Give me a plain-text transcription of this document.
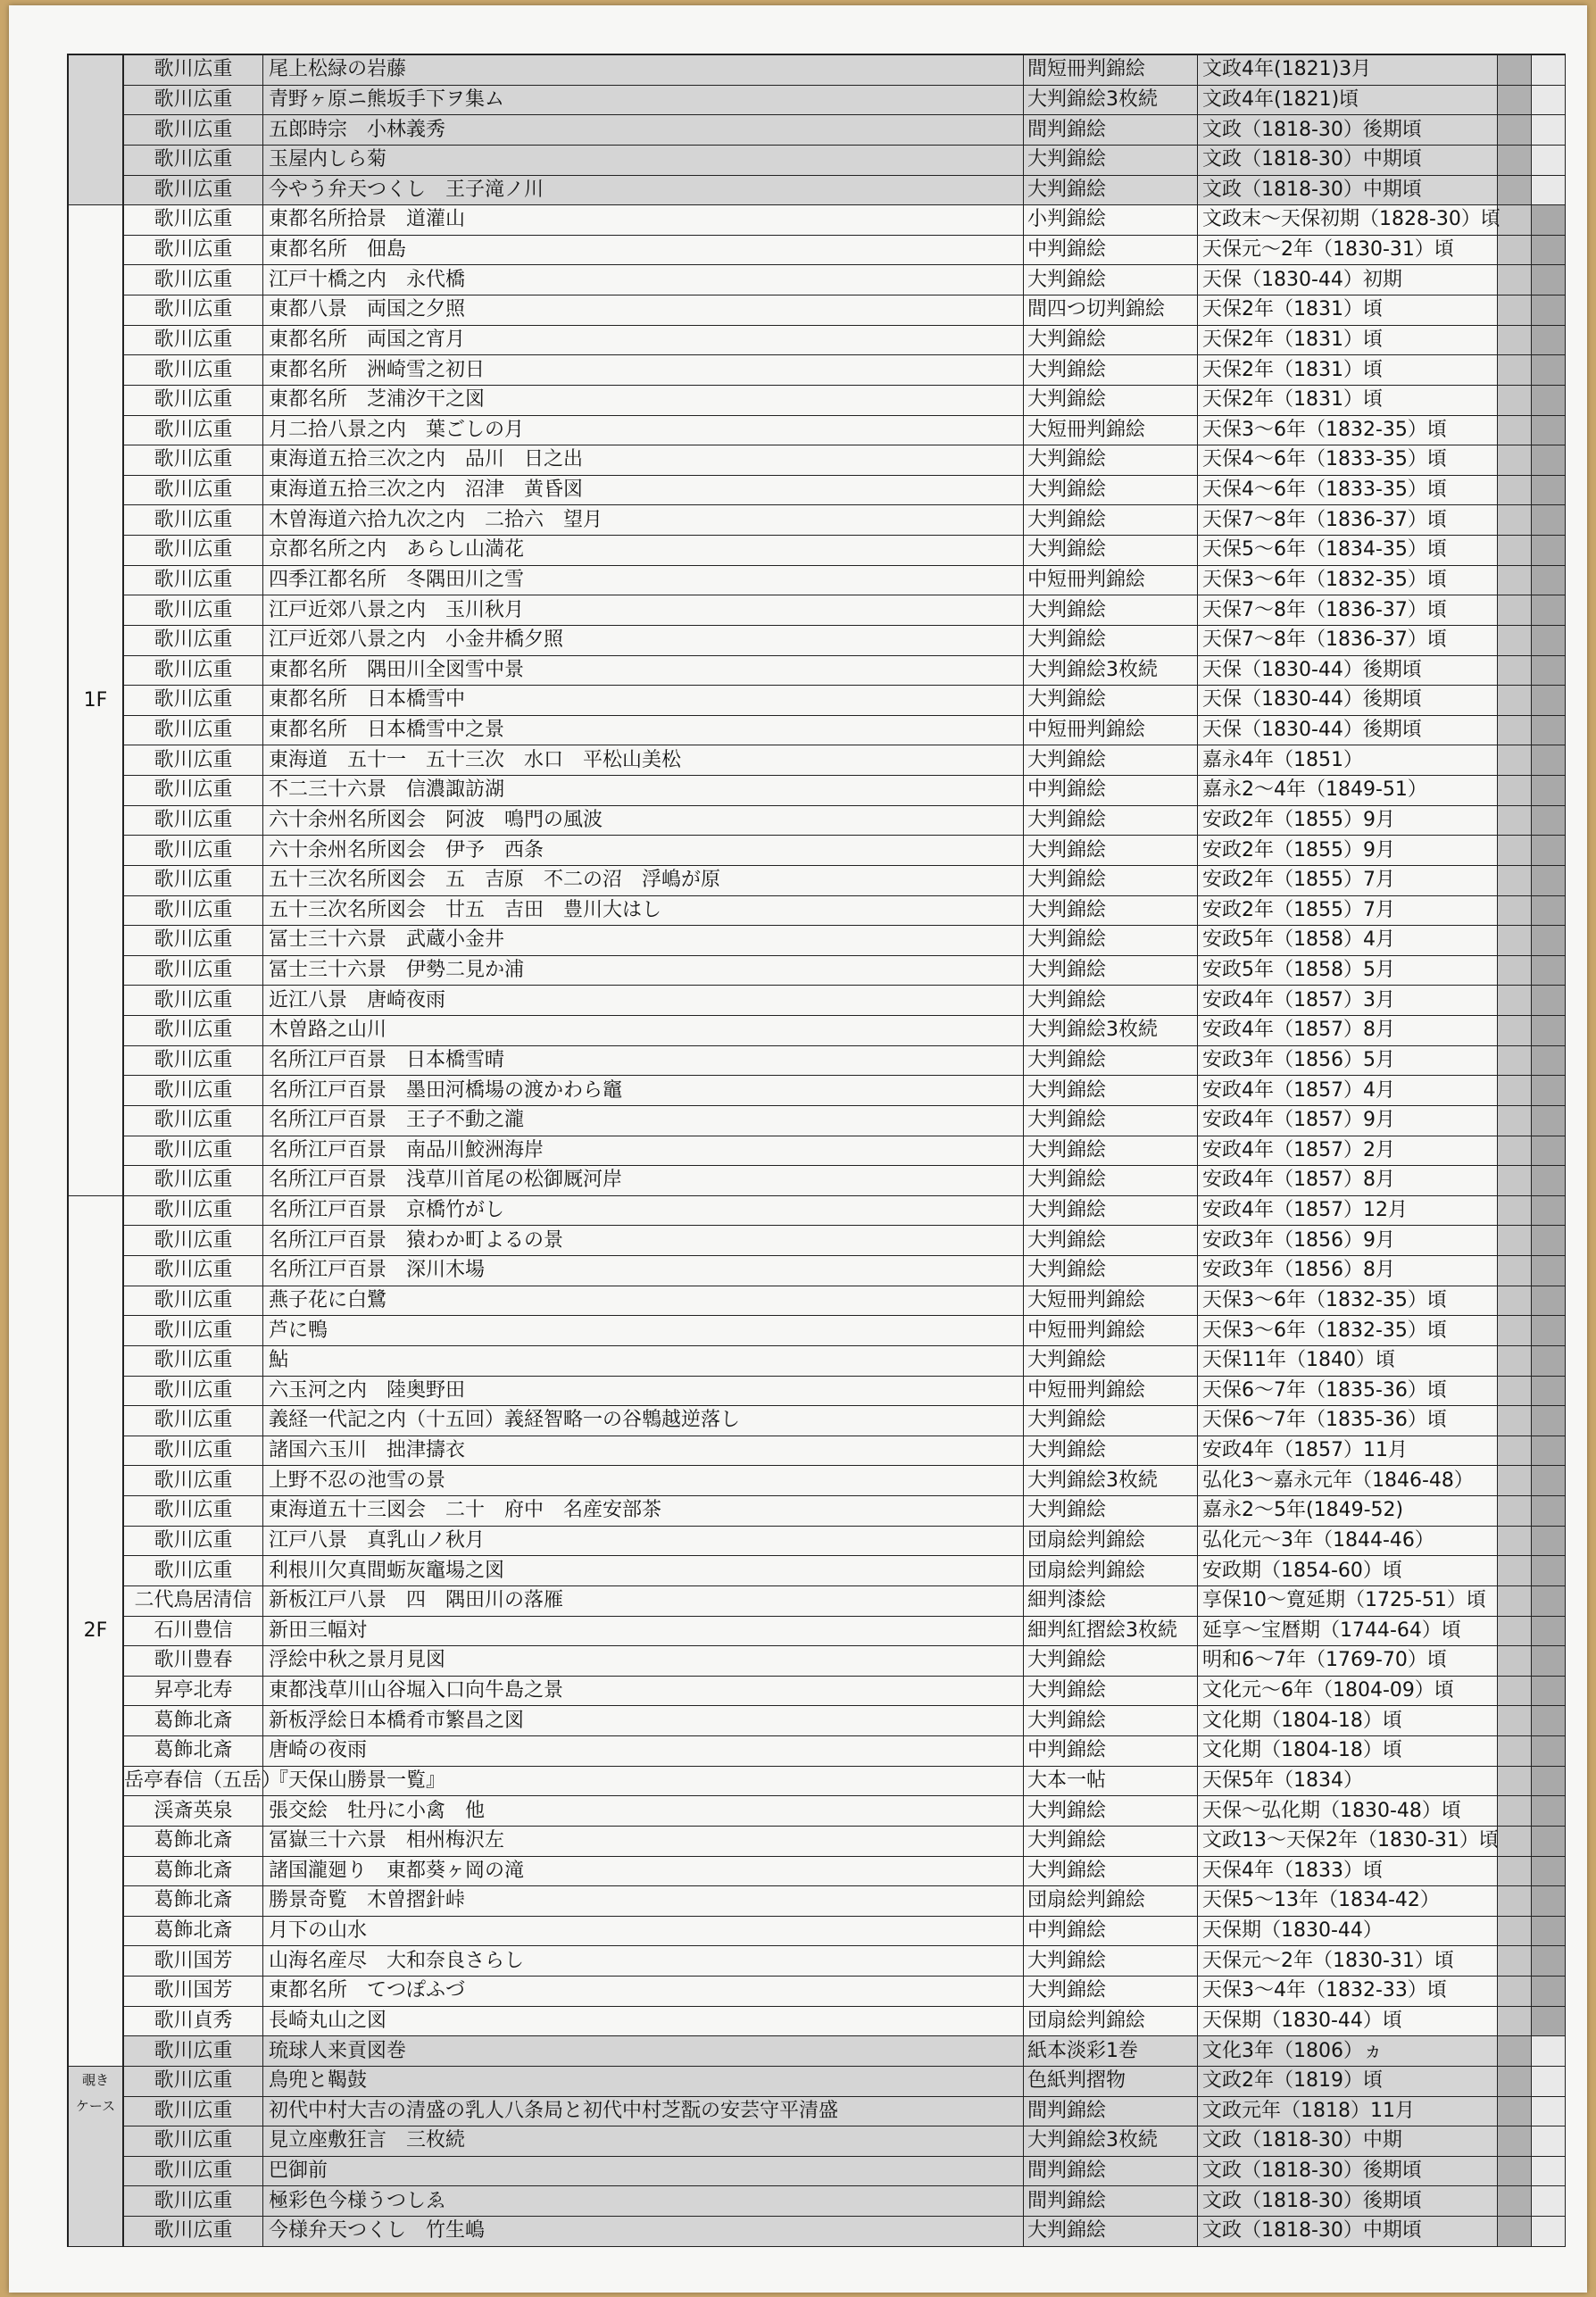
	歌川広重	尾上松緑の岩藤	間短冊判錦絵	文政4年(1821)3月		
	歌川広重	青野ヶ原ニ熊坂手下ヲ集ム	大判錦絵3枚続	文政4年(1821)頃		
	歌川広重	五郎時宗　小林義秀	間判錦絵	文政（1818-30）後期頃		
	歌川広重	玉屋内しら菊	大判錦絵	文政（1818-30）中期頃		
	歌川広重	今やう弁天つくし　王子滝ノ川	大判錦絵	文政（1818-30）中期頃		

1F	歌川広重	東都名所拾景　道灌山	小判錦絵	文政末～天保初期（1828-30）頃		
	歌川広重	東都名所　佃島	中判錦絵	天保元～2年（1830-31）頃		
	歌川広重	江戸十橋之内　永代橋	大判錦絵	天保（1830-44）初期		
	歌川広重	東都八景　両国之夕照	間四つ切判錦絵	天保2年（1831）頃		
	歌川広重	東都名所　両国之宵月	大判錦絵	天保2年（1831）頃		
	歌川広重	東都名所　洲崎雪之初日	大判錦絵	天保2年（1831）頃		
	歌川広重	東都名所　芝浦汐干之図	大判錦絵	天保2年（1831）頃		
	歌川広重	月二拾八景之内　葉ごしの月	大短冊判錦絵	天保3～6年（1832-35）頃		
	歌川広重	東海道五拾三次之内　品川　日之出	大判錦絵	天保4～6年（1833-35）頃		
	歌川広重	東海道五拾三次之内　沼津　黄昏図	大判錦絵	天保4～6年（1833-35）頃		
	歌川広重	木曽海道六拾九次之内　二拾六　望月	大判錦絵	天保7～8年（1836-37）頃		
	歌川広重	京都名所之内　あらし山満花	大判錦絵	天保5～6年（1834-35）頃		
	歌川広重	四季江都名所　冬隅田川之雪	中短冊判錦絵	天保3～6年（1832-35）頃		
	歌川広重	江戸近郊八景之内　玉川秋月	大判錦絵	天保7～8年（1836-37）頃		
	歌川広重	江戸近郊八景之内　小金井橋夕照	大判錦絵	天保7～8年（1836-37）頃		
	歌川広重	東都名所　隅田川全図雪中景	大判錦絵3枚続	天保（1830-44）後期頃		
	歌川広重	東都名所　日本橋雪中	大判錦絵	天保（1830-44）後期頃		
	歌川広重	東都名所　日本橋雪中之景	中短冊判錦絵	天保（1830-44）後期頃		
	歌川広重	東海道　五十一　五十三次　水口　平松山美松	大判錦絵	嘉永4年（1851）		
	歌川広重	不二三十六景　信濃諏訪湖	中判錦絵	嘉永2～4年（1849-51）		
	歌川広重	六十余州名所図会　阿波　鳴門の風波	大判錦絵	安政2年（1855）9月		
	歌川広重	六十余州名所図会　伊予　西条	大判錦絵	安政2年（1855）9月		
	歌川広重	五十三次名所図会　五　吉原　不二の沼　浮嶋が原	大判錦絵	安政2年（1855）7月		
	歌川広重	五十三次名所図会　廿五　吉田　豊川大はし	大判錦絵	安政2年（1855）7月		
	歌川広重	冨士三十六景　武蔵小金井	大判錦絵	安政5年（1858）4月		
	歌川広重	冨士三十六景　伊勢二見か浦	大判錦絵	安政5年（1858）5月		
	歌川広重	近江八景　唐崎夜雨	大判錦絵	安政4年（1857）3月		
	歌川広重	木曽路之山川	大判錦絵3枚続	安政4年（1857）8月		
	歌川広重	名所江戸百景　日本橋雪晴	大判錦絵	安政3年（1856）5月		
	歌川広重	名所江戸百景　墨田河橋場の渡かわら竈	大判錦絵	安政4年（1857）4月		
	歌川広重	名所江戸百景　王子不動之瀧	大判錦絵	安政4年（1857）9月		
	歌川広重	名所江戸百景　南品川鮫洲海岸	大判錦絵	安政4年（1857）2月		
	歌川広重	名所江戸百景　浅草川首尾の松御厩河岸	大判錦絵	安政4年（1857）8月		

2F	歌川広重	名所江戸百景　京橋竹がし	大判錦絵	安政4年（1857）12月		
	歌川広重	名所江戸百景　猿わか町よるの景	大判錦絵	安政3年（1856）9月		
	歌川広重	名所江戸百景　深川木場	大判錦絵	安政3年（1856）8月		
	歌川広重	燕子花に白鷺	大短冊判錦絵	天保3～6年（1832-35）頃		
	歌川広重	芦に鴨	中短冊判錦絵	天保3～6年（1832-35）頃		
	歌川広重	鮎	大判錦絵	天保11年（1840）頃		
	歌川広重	六玉河之内　陸奥野田	中短冊判錦絵	天保6～7年（1835-36）頃		
	歌川広重	義経一代記之内（十五回）義経智略一の谷鵯越逆落し	大判錦絵	天保6～7年（1835-36）頃		
	歌川広重	諸国六玉川　拙津擣衣	大判錦絵	安政4年（1857）11月		
	歌川広重	上野不忍の池雪の景	大判錦絵3枚続	弘化3～嘉永元年（1846-48）		
	歌川広重	東海道五十三図会　二十　府中　名産安部茶	大判錦絵	嘉永2～5年(1849-52)		
	歌川広重	江戸八景　真乳山ノ秋月	団扇絵判錦絵	弘化元～3年（1844-46）		
	歌川広重	利根川欠真間蛎灰竈場之図	団扇絵判錦絵	安政期（1854-60）頃		
	二代鳥居清信	新板江戸八景　四　隅田川の落雁	細判漆絵	享保10～寛延期（1725-51）頃		
	石川豊信	新田三幅対	細判紅摺絵3枚続	延享～宝暦期（1744-64）頃		
	歌川豊春	浮絵中秋之景月見図	大判錦絵	明和6～7年（1769-70）頃		
	昇亭北寿	東都浅草川山谷堀入口向牛島之景	大判錦絵	文化元～6年（1804-09）頃		
	葛飾北斎	新板浮絵日本橋肴市繁昌之図	大判錦絵	文化期（1804-18）頃		
	葛飾北斎	唐崎の夜雨	中判錦絵	文化期（1804-18）頃		
	岳亭春信（五岳）	『天保山勝景一覧』	大本一帖	天保5年（1834）		
	渓斎英泉	張交絵　牡丹に小禽　他	大判錦絵	天保～弘化期（1830-48）頃		
	葛飾北斎	冨嶽三十六景　相州梅沢左	大判錦絵	文政13～天保2年（1830-31）頃		
	葛飾北斎	諸国瀧廻り　東都葵ヶ岡の滝	大判錦絵	天保4年（1833）頃		
	葛飾北斎	勝景奇覧　木曽摺針峠	団扇絵判錦絵	天保5～13年（1834-42）		
	葛飾北斎	月下の山水	中判錦絵	天保期（1830-44）		
	歌川国芳	山海名産尽　大和奈良さらし	大判錦絵	天保元～2年（1830-31）頃		
	歌川国芳	東都名所　てつぽふづ	大判錦絵	天保3～4年（1832-33）頃		
	歌川貞秀	長崎丸山之図	団扇絵判錦絵	天保期（1830-44）頃		
	歌川広重	琉球人来貢図巻	紙本淡彩1巻	文化3年（1806）ヵ		

覗き
ケース	歌川広重	鳥兜と鞨鼓	色紙判摺物	文政2年（1819）頃		
	歌川広重	初代中村大吉の清盛の乳人八条局と初代中村芝翫の安芸守平清盛	間判錦絵	文政元年（1818）11月		
	歌川広重	見立座敷狂言　三枚続	大判錦絵3枚続	文政（1818-30）中期		
	歌川広重	巴御前	間判錦絵	文政（1818-30）後期頃		
	歌川広重	極彩色今様うつしゑ	間判錦絵	文政（1818-30）後期頃		
	歌川広重	今様弁天つくし　竹生嶋	大判錦絵	文政（1818-30）中期頃		
